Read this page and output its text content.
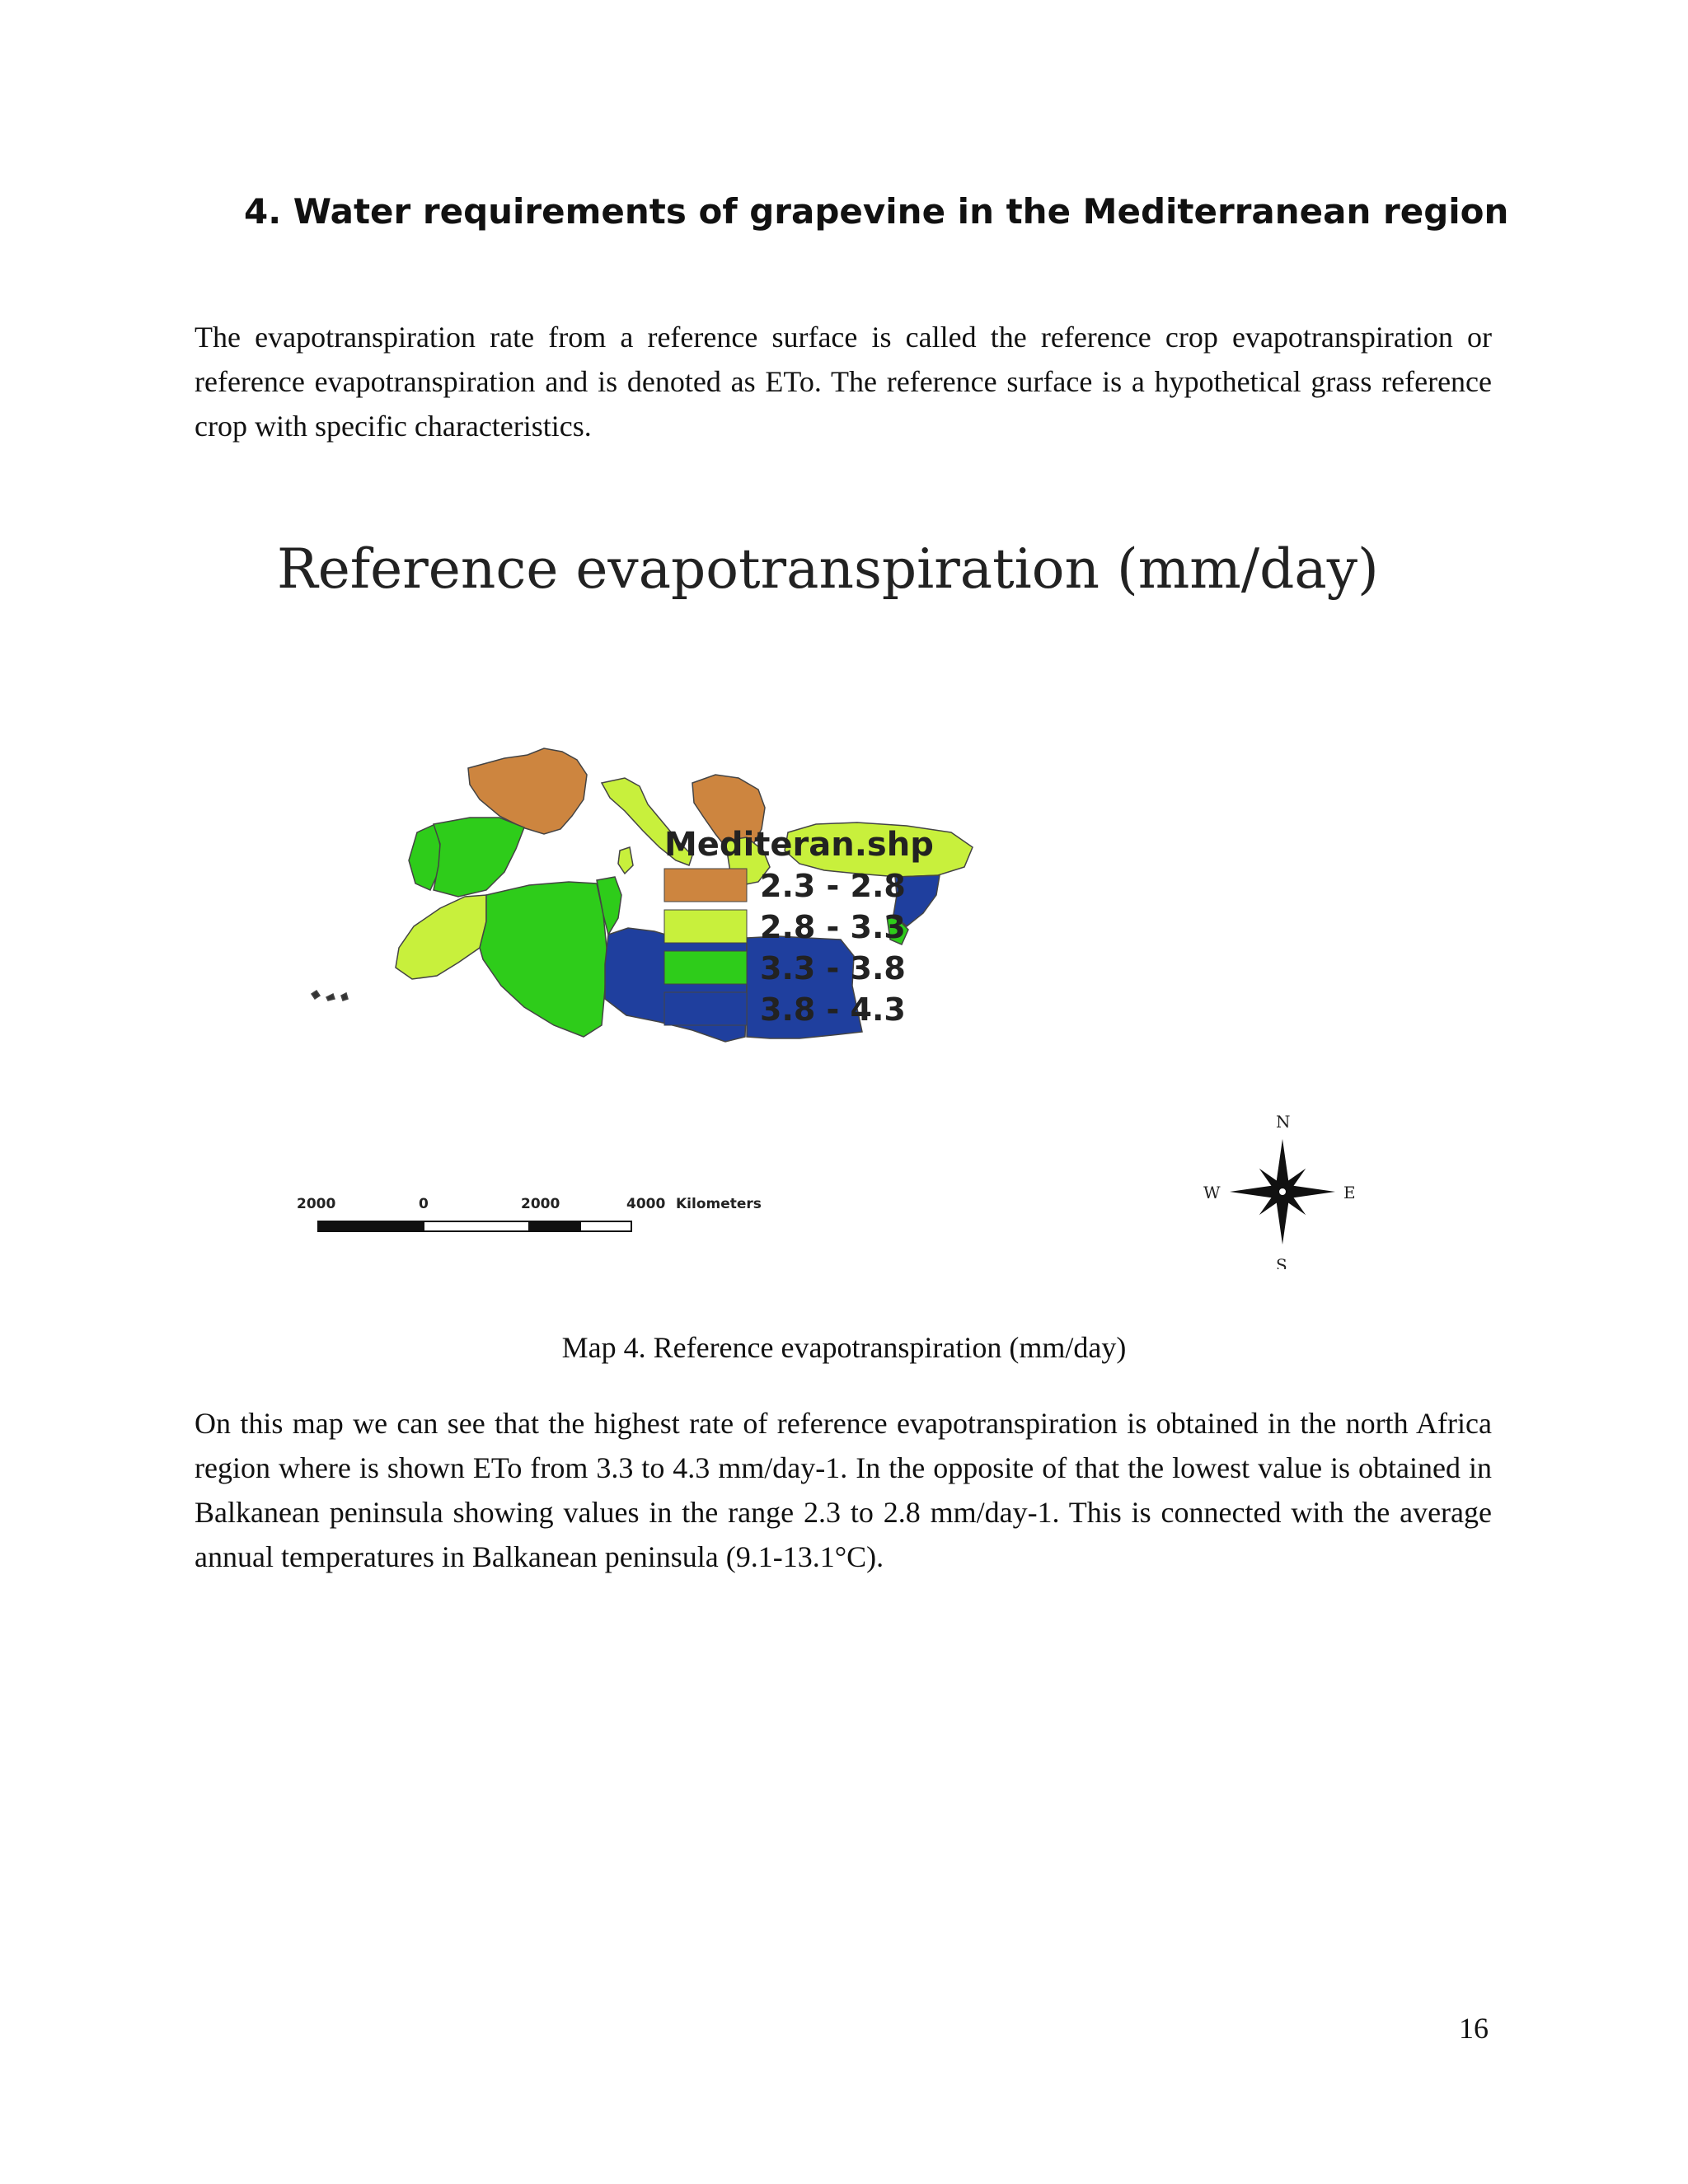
4. Water requirements of grapevine in the Mediterranean region

The evapotranspiration rate from a reference surface is called the reference crop evapotranspiration or reference evapotranspiration and is denoted as ETo. The reference surface is a hypothetical grass reference crop with specific characteristics.

Reference evapotranspiration (mm/day)
Mediteran.shp
2.3 - 2.8
2.8 - 3.3
3.3 - 3.8
3.8 - 4.3
2000	0	2000	4000 Kilometers
N
S
E
W

Map 4. Reference evapotranspiration (mm/day)

On this map we can see that the highest rate of reference evapotranspiration is obtained in the north Africa region where is shown ETo from 3.3 to 4.3 mm/day-1. In the opposite of that the lowest value is obtained in Balkanean peninsula showing values in the range 2.3 to 2.8 mm/day-1. This is connected with the average annual temperatures in Balkanean peninsula (9.1-13.1°C).

16
